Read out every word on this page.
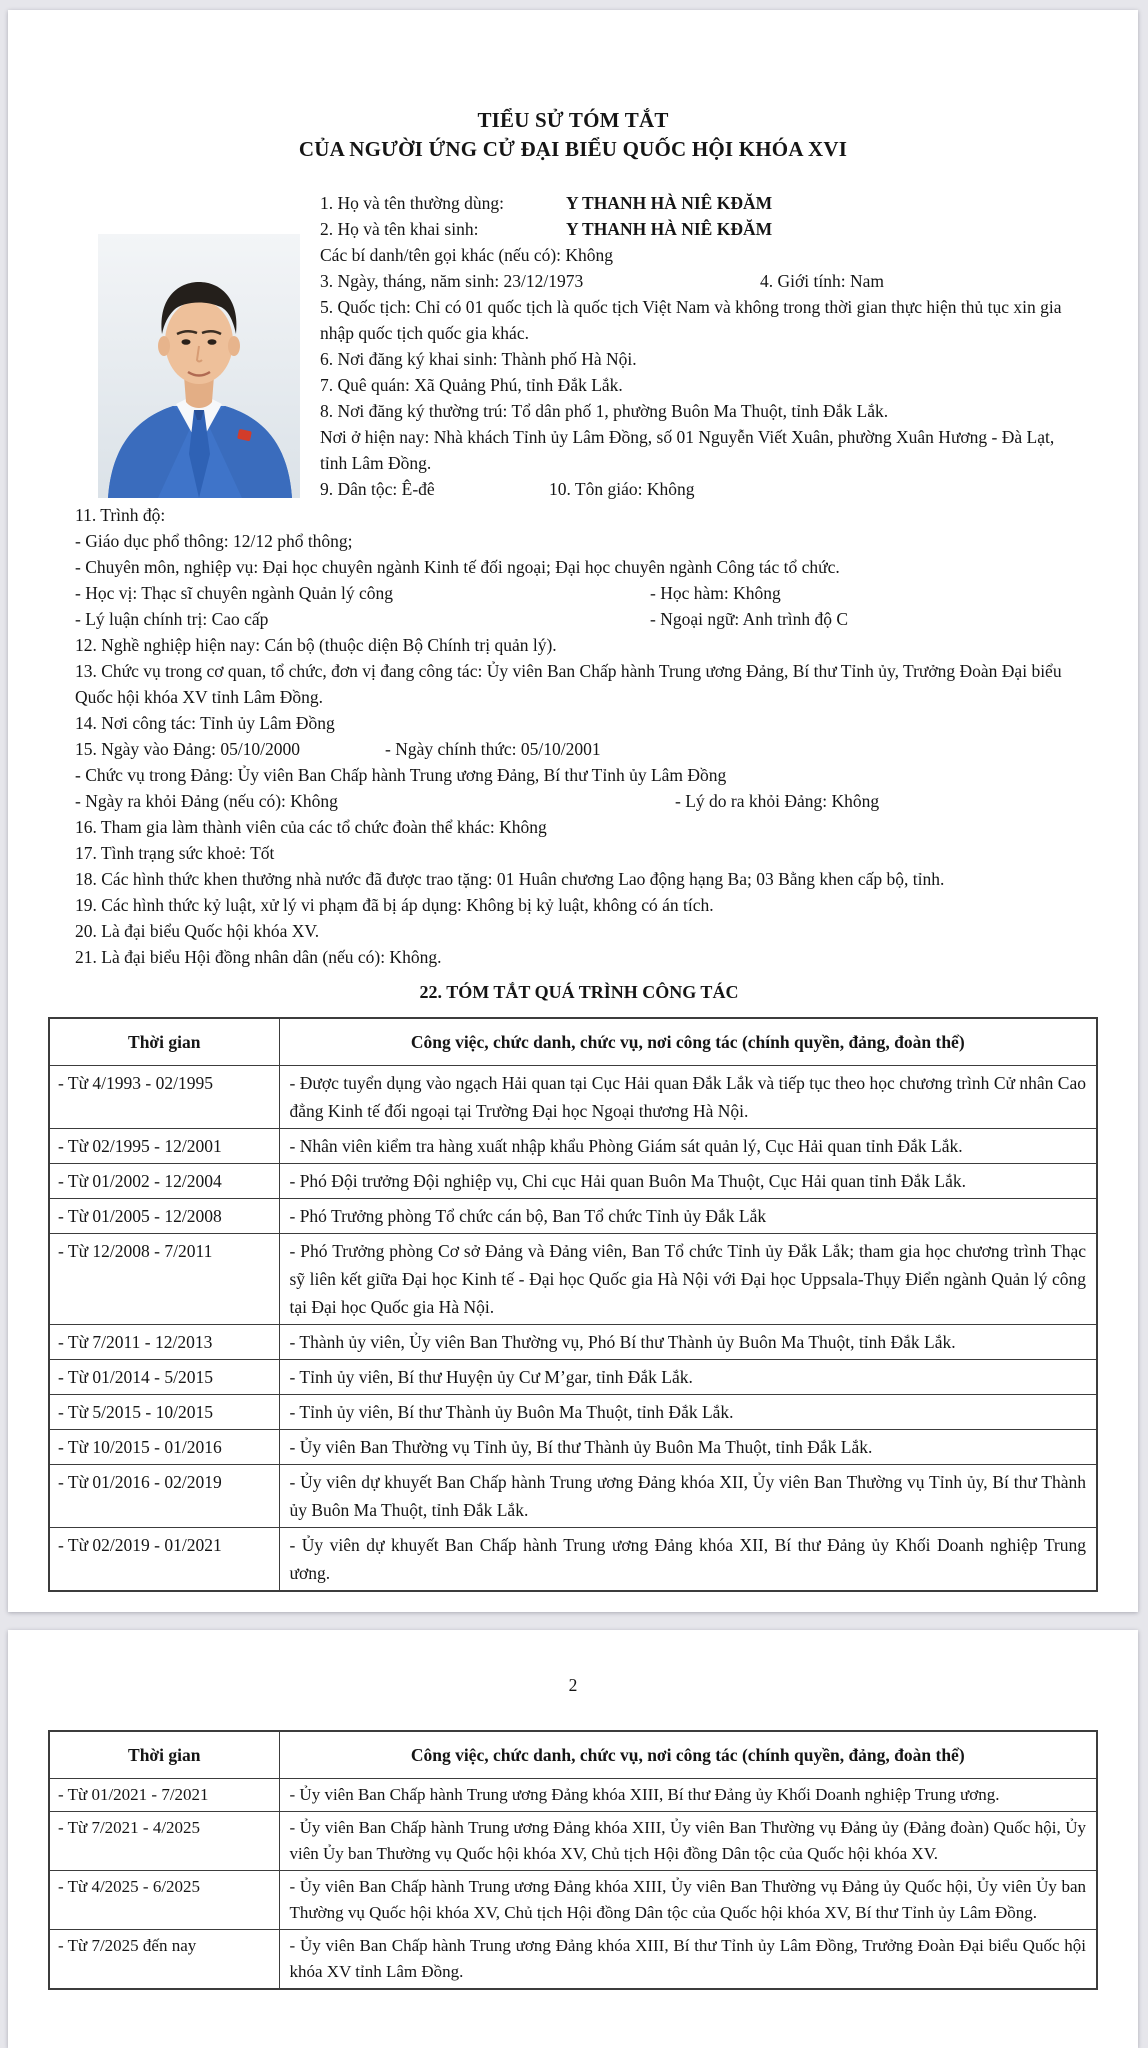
TIỂU SỬ TÓM TẮT
CỦA NGƯỜI ỨNG CỬ ĐẠI BIỂU QUỐC HỘI KHÓA XVI
1. Họ và tên thường dùng:	Y THANH HÀ NIÊ KĐĂM
2. Họ và tên khai sinh:	Y THANH HÀ NIÊ KĐĂM
Các bí danh/tên gọi khác (nếu có): Không
3. Ngày, tháng, năm sinh: 23/12/1973	4. Giới tính: Nam
5. Quốc tịch: Chỉ có 01 quốc tịch là quốc tịch Việt Nam và không trong thời gian thực hiện thủ tục xin gia nhập quốc tịch quốc gia khác.
6. Nơi đăng ký khai sinh: Thành phố Hà Nội.
7. Quê quán: Xã Quảng Phú, tỉnh Đắk Lắk.
8. Nơi đăng ký thường trú: Tổ dân phố 1, phường Buôn Ma Thuột, tỉnh Đắk Lắk.
Nơi ở hiện nay: Nhà khách Tỉnh ủy Lâm Đồng, số 01 Nguyễn Viết Xuân, phường Xuân Hương - Đà Lạt, tỉnh Lâm Đồng.
9. Dân tộc: Ê-đê	10. Tôn giáo: Không
11. Trình độ:
- Giáo dục phổ thông: 12/12 phổ thông;
- Chuyên môn, nghiệp vụ: Đại học chuyên ngành Kinh tế đối ngoại; Đại học chuyên ngành Công tác tổ chức.
- Học vị: Thạc sĩ chuyên ngành Quản lý công	- Học hàm: Không
- Lý luận chính trị: Cao cấp	- Ngoại ngữ: Anh trình độ C
12. Nghề nghiệp hiện nay: Cán bộ (thuộc diện Bộ Chính trị quản lý).
13. Chức vụ trong cơ quan, tổ chức, đơn vị đang công tác: Ủy viên Ban Chấp hành Trung ương Đảng, Bí thư Tỉnh ủy, Trưởng Đoàn Đại biểu Quốc hội khóa XV tỉnh Lâm Đồng.
14. Nơi công tác: Tỉnh ủy Lâm Đồng
15. Ngày vào Đảng: 05/10/2000	- Ngày chính thức: 05/10/2001
- Chức vụ trong Đảng: Ủy viên Ban Chấp hành Trung ương Đảng, Bí thư Tỉnh ủy Lâm Đồng
- Ngày ra khỏi Đảng (nếu có): Không	- Lý do ra khỏi Đảng: Không
16. Tham gia làm thành viên của các tổ chức đoàn thể khác: Không
17. Tình trạng sức khoẻ: Tốt
18. Các hình thức khen thưởng nhà nước đã được trao tặng: 01 Huân chương Lao động hạng Ba; 03 Bằng khen cấp bộ, tỉnh.
19. Các hình thức kỷ luật, xử lý vi phạm đã bị áp dụng: Không bị kỷ luật, không có án tích.
20. Là đại biểu Quốc hội khóa XV.
21. Là đại biểu Hội đồng nhân dân (nếu có): Không.
22. TÓM TẮT QUÁ TRÌNH CÔNG TÁC
Thời gian	Công việc, chức danh, chức vụ, nơi công tác (chính quyền, đảng, đoàn thể)
- Từ 4/1993 - 02/1995	- Được tuyển dụng vào ngạch Hải quan tại Cục Hải quan Đắk Lắk và tiếp tục theo học chương trình Cử nhân Cao đẳng Kinh tế đối ngoại tại Trường Đại học Ngoại thương Hà Nội.
- Từ 02/1995 - 12/2001	- Nhân viên kiểm tra hàng xuất nhập khẩu Phòng Giám sát quản lý, Cục Hải quan tỉnh Đắk Lắk.
- Từ 01/2002 - 12/2004	- Phó Đội trưởng Đội nghiệp vụ, Chi cục Hải quan Buôn Ma Thuột, Cục Hải quan tỉnh Đắk Lắk.
- Từ 01/2005 - 12/2008	- Phó Trưởng phòng Tổ chức cán bộ, Ban Tổ chức Tỉnh ủy Đắk Lắk
- Từ 12/2008 - 7/2011	- Phó Trưởng phòng Cơ sở Đảng và Đảng viên, Ban Tổ chức Tỉnh ủy Đắk Lắk; tham gia học chương trình Thạc sỹ liên kết giữa Đại học Kinh tế - Đại học Quốc gia Hà Nội với Đại học Uppsala-Thụy Điển ngành Quản lý công tại Đại học Quốc gia Hà Nội.
- Từ 7/2011 - 12/2013	- Thành ủy viên, Ủy viên Ban Thường vụ, Phó Bí thư Thành ủy Buôn Ma Thuột, tỉnh Đắk Lắk.
- Từ 01/2014 - 5/2015	- Tỉnh ủy viên, Bí thư Huyện ủy Cư M’gar, tỉnh Đắk Lắk.
- Từ 5/2015 - 10/2015	- Tỉnh ủy viên, Bí thư Thành ủy Buôn Ma Thuột, tỉnh Đắk Lắk.
- Từ 10/2015 - 01/2016	- Ủy viên Ban Thường vụ Tỉnh ủy, Bí thư Thành ủy Buôn Ma Thuột, tỉnh Đắk Lắk.
- Từ 01/2016 - 02/2019	- Ủy viên dự khuyết Ban Chấp hành Trung ương Đảng khóa XII, Ủy viên Ban Thường vụ Tỉnh ủy, Bí thư Thành ủy Buôn Ma Thuột, tỉnh Đắk Lắk.
- Từ 02/2019 - 01/2021	- Ủy viên dự khuyết Ban Chấp hành Trung ương Đảng khóa XII, Bí thư Đảng ủy Khối Doanh nghiệp Trung ương.
2
Thời gian	Công việc, chức danh, chức vụ, nơi công tác (chính quyền, đảng, đoàn thể)
- Từ 01/2021 - 7/2021	- Ủy viên Ban Chấp hành Trung ương Đảng khóa XIII, Bí thư Đảng ủy Khối Doanh nghiệp Trung ương.
- Từ 7/2021 - 4/2025	- Ủy viên Ban Chấp hành Trung ương Đảng khóa XIII, Ủy viên Ban Thường vụ Đảng ủy (Đảng đoàn) Quốc hội, Ủy viên Ủy ban Thường vụ Quốc hội khóa XV, Chủ tịch Hội đồng Dân tộc của Quốc hội khóa XV.
- Từ 4/2025 - 6/2025	- Ủy viên Ban Chấp hành Trung ương Đảng khóa XIII, Ủy viên Ban Thường vụ Đảng ủy Quốc hội, Ủy viên Ủy ban Thường vụ Quốc hội khóa XV, Chủ tịch Hội đồng Dân tộc của Quốc hội khóa XV, Bí thư Tỉnh ủy Lâm Đồng.
- Từ 7/2025 đến nay	- Ủy viên Ban Chấp hành Trung ương Đảng khóa XIII, Bí thư Tỉnh ủy Lâm Đồng, Trưởng Đoàn Đại biểu Quốc hội khóa XV tỉnh Lâm Đồng.
